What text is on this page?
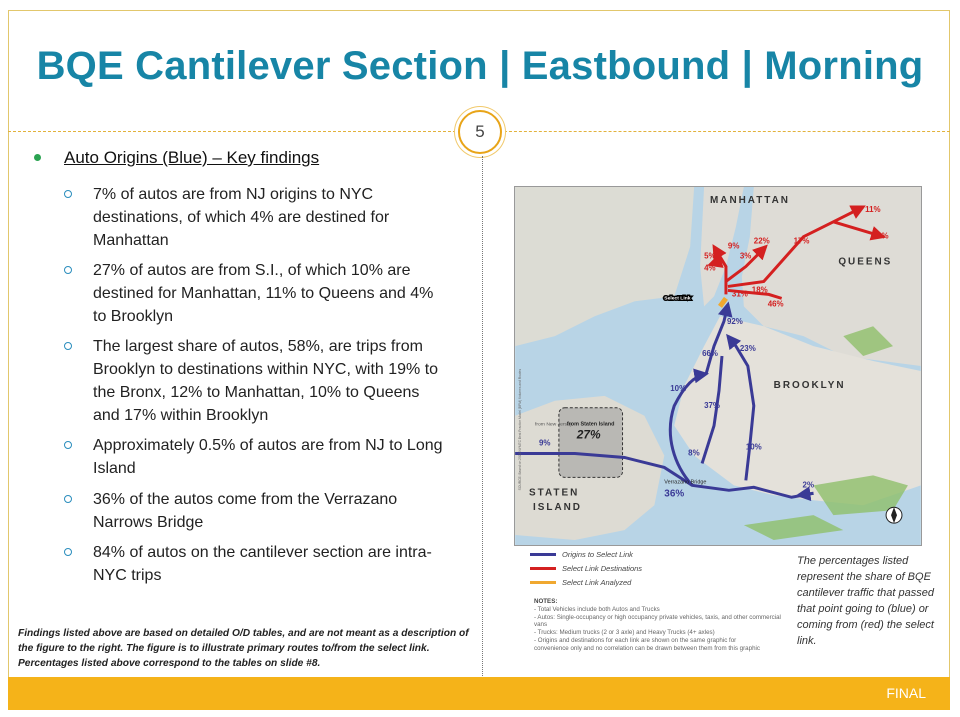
BQE Cantilever Section | Eastbound | Morning
5
Auto Origins (Blue) – Key findings
7% of autos are from NJ origins to NYC destinations, of which 4% are destined for Manhattan
27% of autos are from S.I., of which 10% are destined for Manhattan, 11% to Queens and 4% to Brooklyn
The largest share of autos, 58%, are trips from Brooklyn to destinations within NYC, with 19% to the Bronx, 12% to Manhattan, 10% to Queens and 17% within Brooklyn
Approximately 0.5% of autos are from NJ to Long Island
36% of the autos come from the Verrazano Narrows Bridge
84% of autos on the cantilever section are intra-NYC trips
Findings listed above are based on detailed O/D tables, and are not meant as a description of the figure to the right. The figure is to illustrate primary routes to/from the select link. Percentages listed above correspond to the tables on slide #8.
MANHATTAN
QUEENS
BROOKLYN
STATEN
ISLAND
from New Jersey
from Staten Island
27%
Select Link
Verrazano Bridge
36%
SOURCE: Based on 2019 NYMTC Best Practice Model (BPM) Volumes and Routes
92%
66%
23%
10%
37%
8%
9%	10%
2%
11%
17%
6%
22%
9%
5%	3%
4%
31% 18%
46%
Origins to Select Link
Select Link Destinations
Select Link Analyzed
NOTES:
- Total Vehicles include both Autos and Trucks
- Autos: Single-occupancy or high occupancy private vehicles, taxis, and other commercial vans
- Trucks: Medium trucks (2 or 3 axle) and Heavy Trucks (4+ axles)
- Origins and destinations for each link are shown on the same graphic for
convenience only and no correlation can be drawn between them from this graphic
The percentages listed represent the share of BQE cantilever traffic that passed that point going to (blue) or coming from (red) the select link.
FINAL
